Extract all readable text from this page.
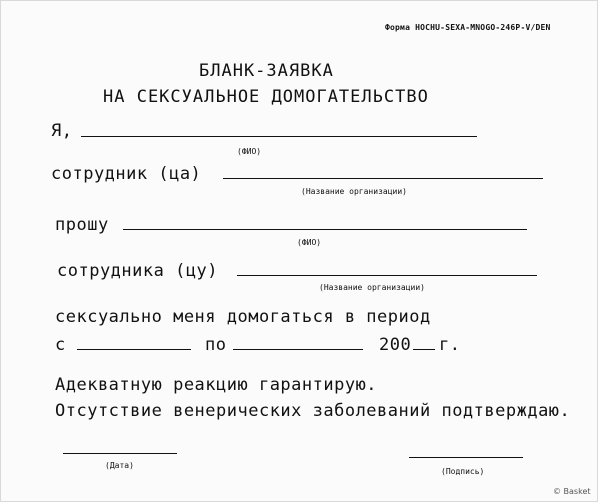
Форма HOCHU-SEXA-MNOGO-246P-V/DEN
БЛАНК-ЗАЯВКА
НА СЕКСУАЛЬНОЕ ДОМОГАТЕЛЬСТВО
Я,
(ФИО)
сотрудник (ца)
(Название организации)
прошу
(ФИО)
сотрудника (цу)
(Название организации)
сексуально меня домогаться в период
с	по	200 г.
Адекватную реакцию гарантирую.
Отсутствие венерических заболеваний подтверждаю.
(Дата)
(Подпись)
© Basket
